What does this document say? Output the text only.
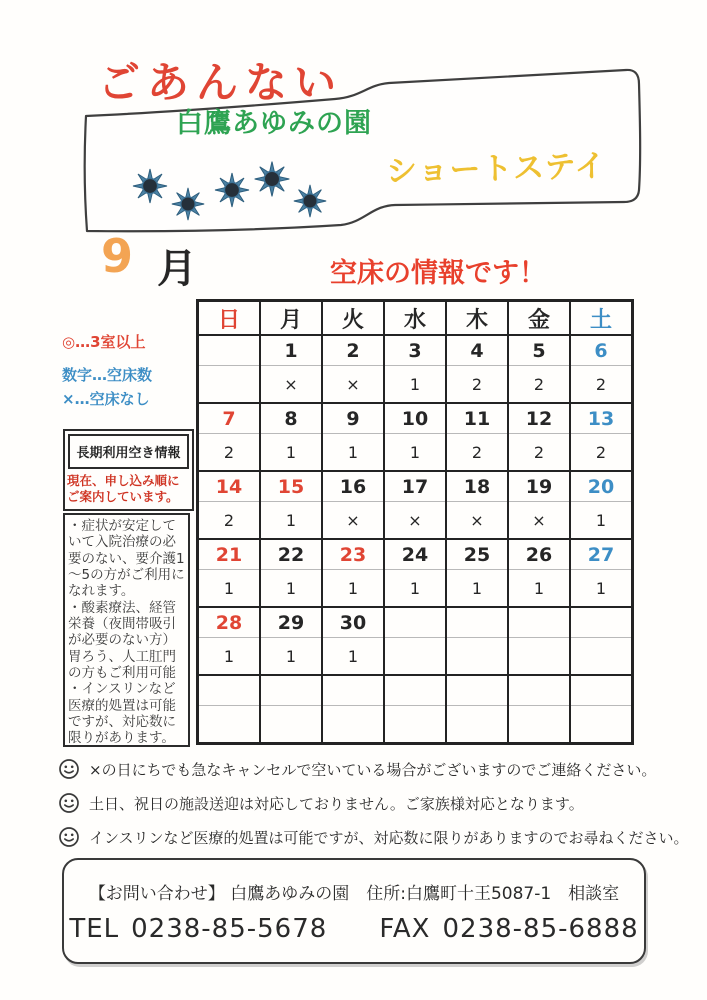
ごあんない
白鷹あゆみの園
ショートステイ
9 月	空床の情報です！
◎…3室以上
数字…空床数
×…空床なし
長期利用空き情報
現在、申し込み順にご案内しています。
・症状が安定していて入院治療の必要のない、要介護1～5の方がご利用になれます。
・酸素療法、経管栄養（夜間帯吸引が必要のない方）胃ろう、人工肛門の方もご利用可能
・インスリンなど医療的処置は可能ですが、対応数に限りがあります。
日	月	火	水	木	金	土
	1	2	3	4	5	6
	×	×	1	2	2	2
7	8	9	10	11	12	13
2	1	1	1	2	2	2
14	15	16	17	18	19	20
2	1	×	×	×	×	1
21	22	23	24	25	26	27
1	1	1	1	1	1	1
28	29	30				
1	1	1				

×の日にちでも急なキャンセルで空いている場合がございますのでご連絡ください。
土日、祝日の施設送迎は対応しておりません。ご家族様対応となります。
インスリンなど医療的処置は可能ですが、対応数に限りがありますのでお尋ねください。
【お問い合わせ】 白鷹あゆみの園　住所:白鷹町十王5087-1　相談室
TEL 0238-85-5678 FAX 0238-85-6888
